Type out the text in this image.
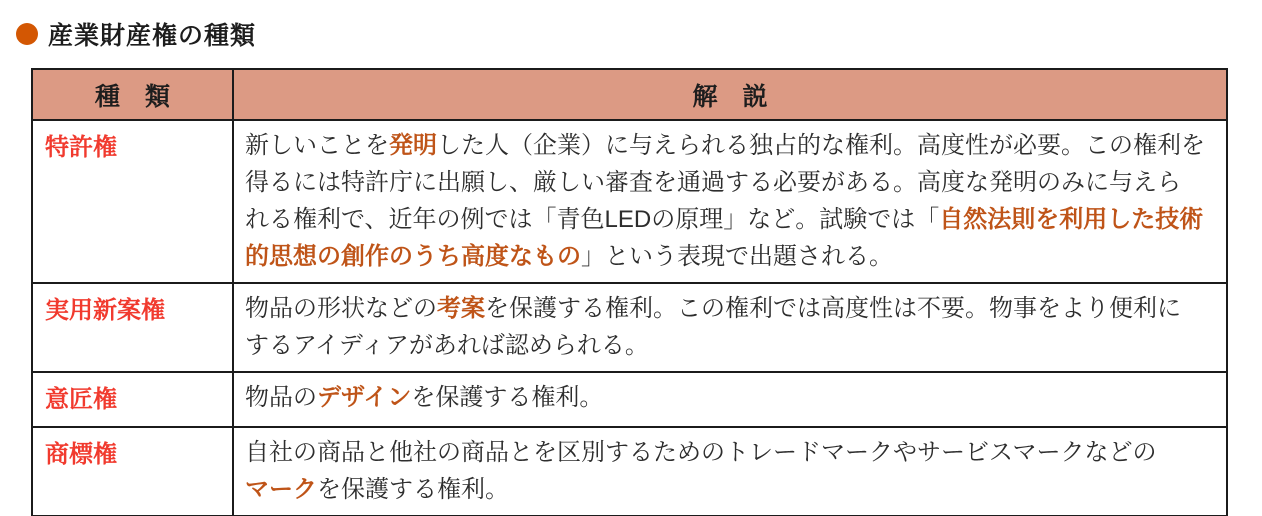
産業財産権の種類
種　類	解　説
特許権	新しいことを発明した人（企業）に与えられる独占的な権利。高度性が必要。この権利を
得るには特許庁に出願し、厳しい審査を通過する必要がある。高度な発明のみに与えら
れる権利で、近年の例では「青色LEDの原理」など。試験では「自然法則を利用した技術
的思想の創作のうち高度なもの」という表現で出題される。

実用新案権	物品の形状などの考案を保護する権利。この権利では高度性は不要。物事をより便利に
するアイディアがあれば認められる。

意匠権	物品のデザインを保護する権利。

商標権	自社の商品と他社の商品とを区別するためのトレードマークやサービスマークなどの
マークを保護する権利。
